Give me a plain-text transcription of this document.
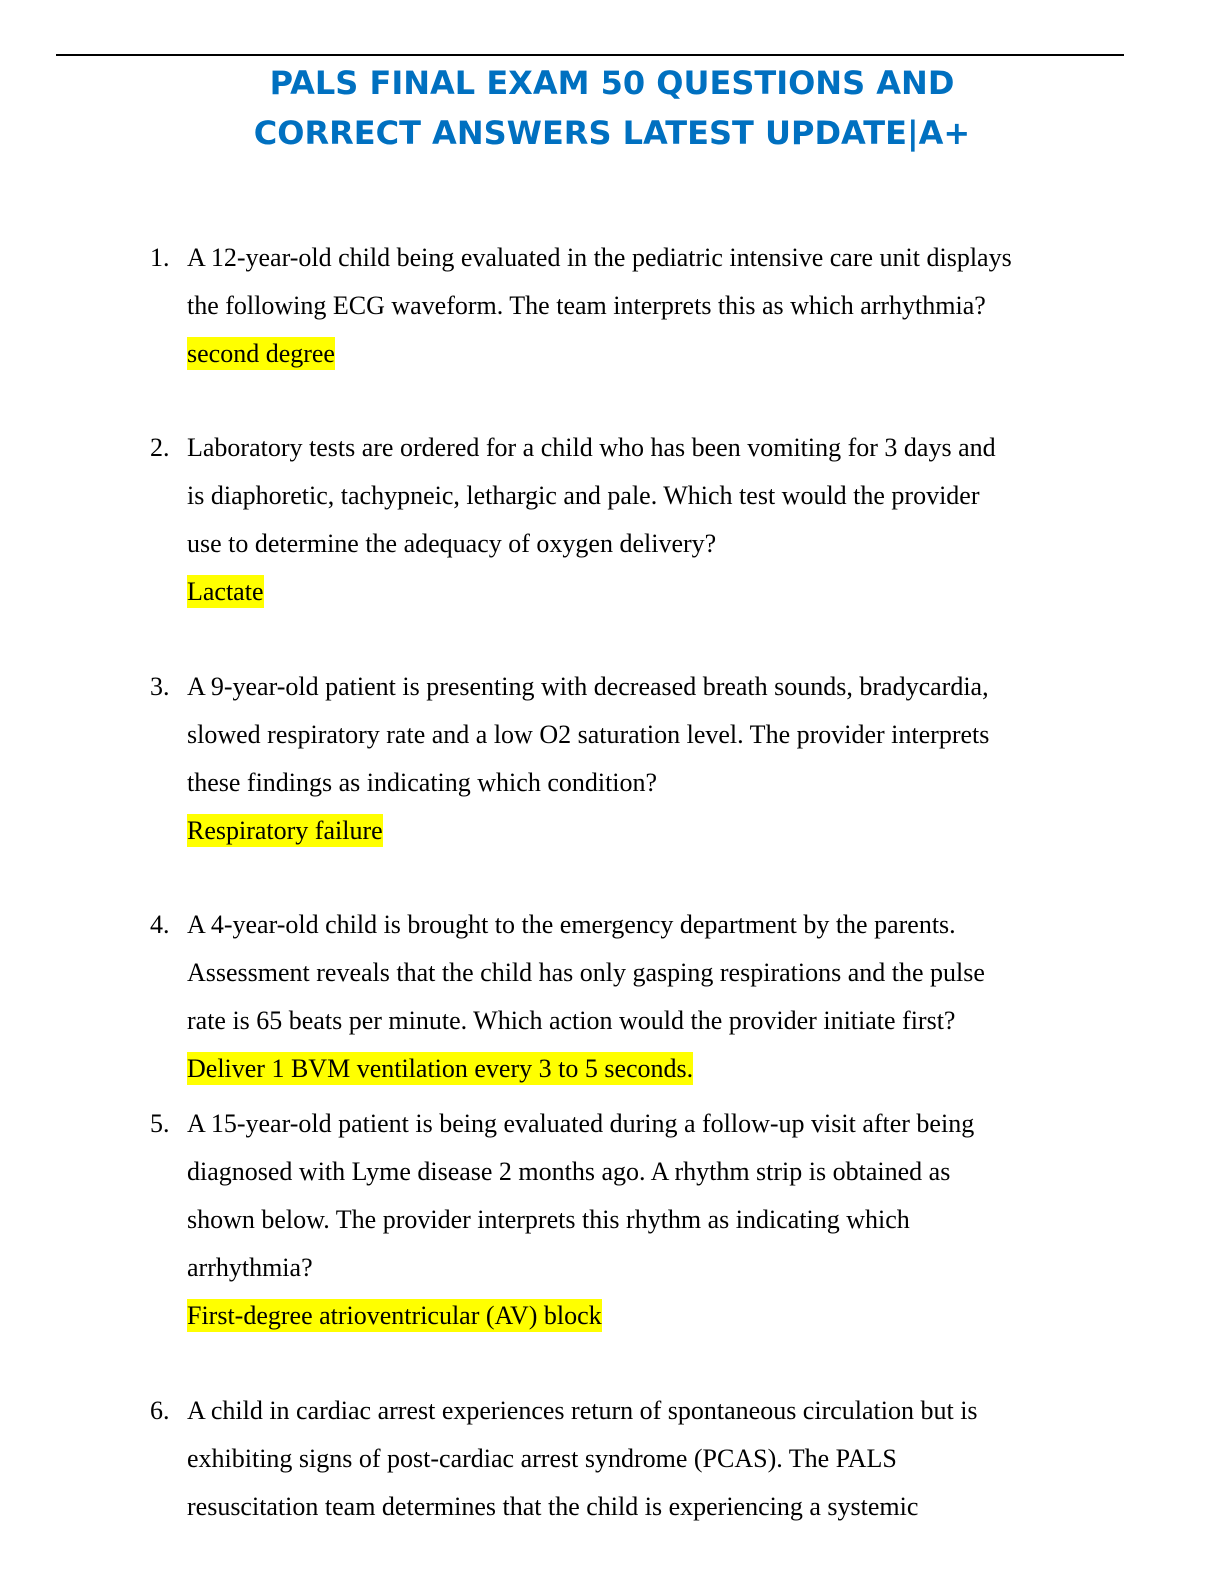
PALS FINAL EXAM 50 QUESTIONS AND
CORRECT ANSWERS LATEST UPDATE|A+
1. A 12-year-old child being evaluated in the pediatric intensive care unit displays
the following ECG waveform. The team interprets this as which arrhythmia?
second degree
2. Laboratory tests are ordered for a child who has been vomiting for 3 days and
is diaphoretic, tachypneic, lethargic and pale. Which test would the provider
use to determine the adequacy of oxygen delivery?
Lactate
3. A 9-year-old patient is presenting with decreased breath sounds, bradycardia,
slowed respiratory rate and a low O2 saturation level. The provider interprets
these findings as indicating which condition?
Respiratory failure
4. A 4-year-old child is brought to the emergency department by the parents.
Assessment reveals that the child has only gasping respirations and the pulse
rate is 65 beats per minute. Which action would the provider initiate first?
Deliver 1 BVM ventilation every 3 to 5 seconds.
5. A 15-year-old patient is being evaluated during a follow-up visit after being
diagnosed with Lyme disease 2 months ago. A rhythm strip is obtained as
shown below. The provider interprets this rhythm as indicating which
arrhythmia?
First-degree atrioventricular (AV) block
6. A child in cardiac arrest experiences return of spontaneous circulation but is
exhibiting signs of post-cardiac arrest syndrome (PCAS). The PALS
resuscitation team determines that the child is experiencing a systemic
